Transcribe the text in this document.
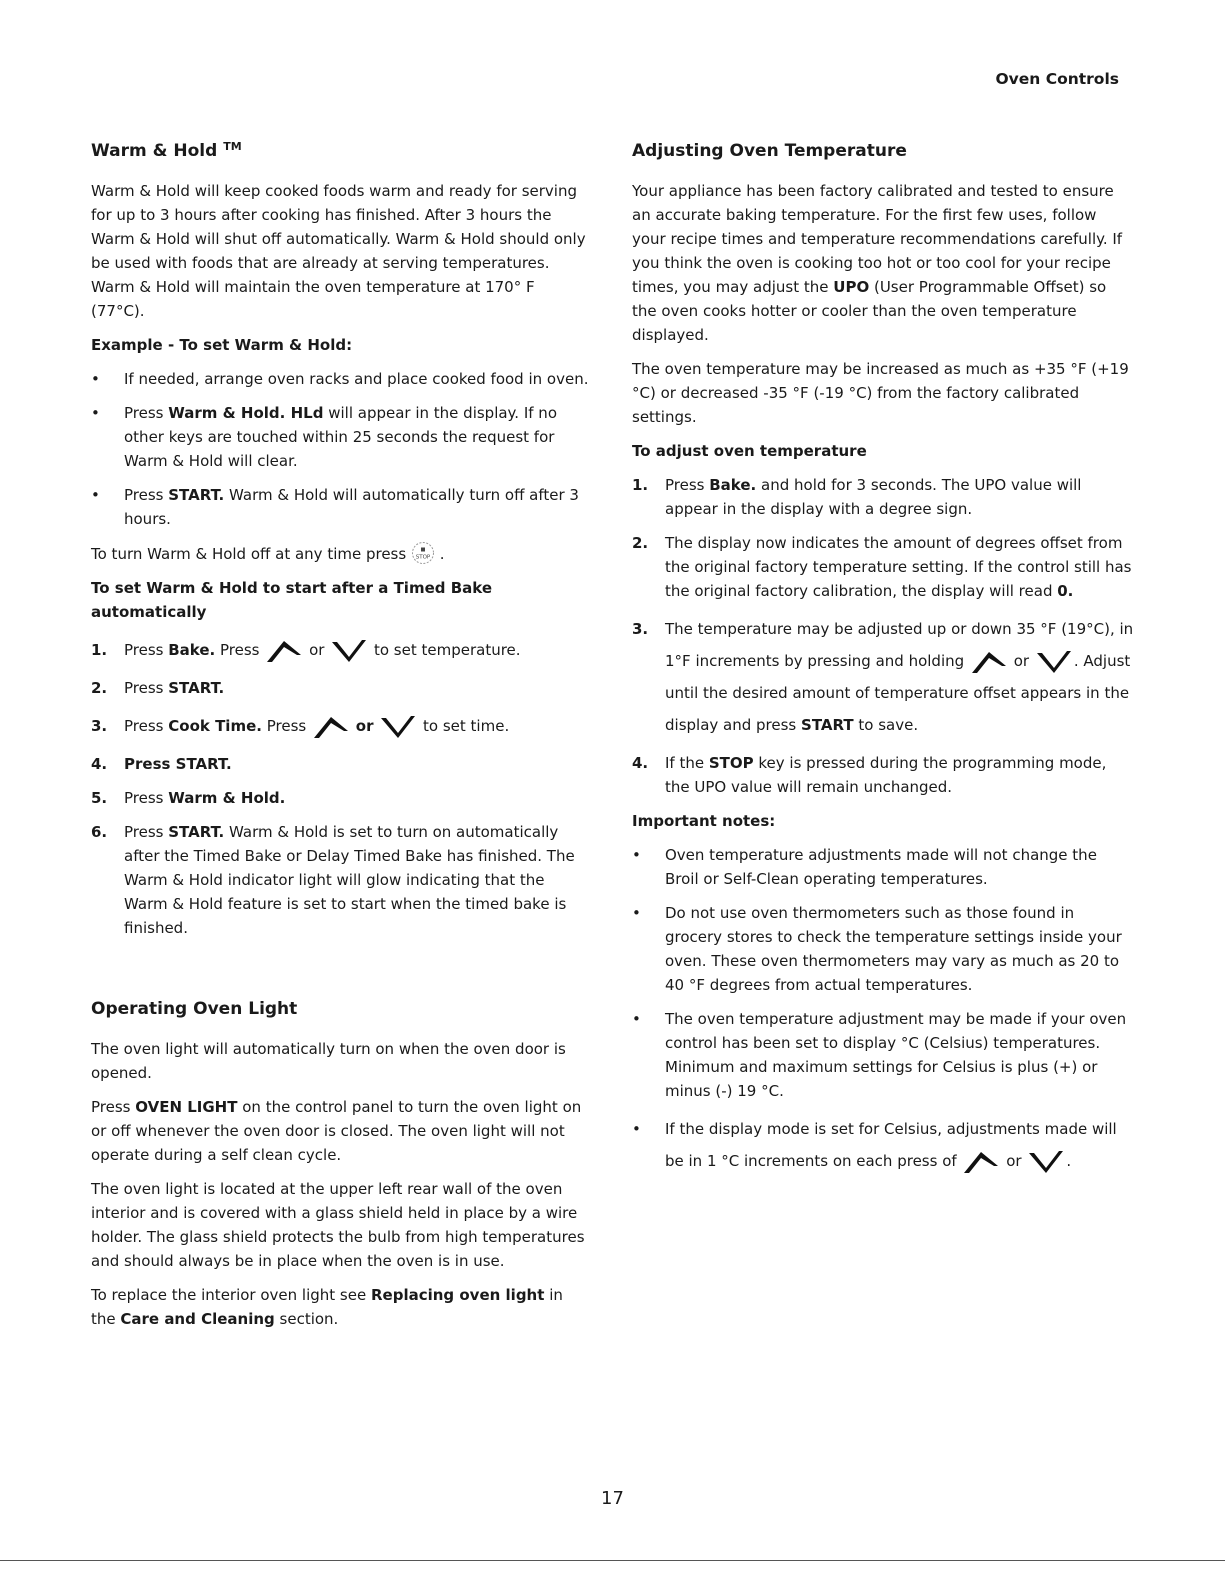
Oven Controls
Warm & Hold ™

Warm & Hold will keep cooked foods warm and ready for serving for up to 3 hours after cooking has finished. After 3 hours the Warm & Hold will shut off automatically. Warm & Hold should only be used with foods that are already at serving temperatures. Warm & Hold will maintain the oven temperature at 170° F (77°C).

Example - To set Warm & Hold:
•	If needed, arrange oven racks and place cooked food in oven.
•	Press Warm & Hold. HLd will appear in the display. If no other keys are touched within 25 seconds the request for Warm & Hold will clear.
•	Press START. Warm & Hold will automatically turn off after 3 hours.

To turn Warm & Hold off at any time press STOP .

To set Warm & Hold to start after a Timed Bake automatically
1.	Press Bake. Press	or	to set temperature.
2.	Press START.
3.	Press Cook Time. Press	or	to set time.
4.	Press START.
5.	Press Warm & Hold.
6.	Press START. Warm & Hold is set to turn on automatically after the Timed Bake or Delay Timed Bake has finished. The Warm & Hold indicator light will glow indicating that the Warm & Hold feature is set to start when the timed bake is finished.
Operating Oven Light

The oven light will automatically turn on when the oven door is opened.

Press OVEN LIGHT on the control panel to turn the oven light on or off whenever the oven door is closed. The oven light will not operate during a self clean cycle.

The oven light is located at the upper left rear wall of the oven interior and is covered with a glass shield held in place by a wire holder. The glass shield protects the bulb from high temperatures and should always be in place when the oven is in use.

To replace the interior oven light see Replacing oven light in the Care and Cleaning section.

Adjusting Oven Temperature

Your appliance has been factory calibrated and tested to ensure an accurate baking temperature. For the first few uses, follow your recipe times and temperature recommendations carefully. If you think the oven is cooking too hot or too cool for your recipe times, you may adjust the UPO (User Programmable Offset) so the oven cooks hotter or cooler than the oven temperature displayed.

The oven temperature may be increased as much as +35 °F (+19 °C) or decreased -35 °F (-19 °C) from the factory calibrated settings.

To adjust oven temperature
1.	Press Bake. and hold for 3 seconds. The UPO value will appear in the display with a degree sign.
2.	The display now indicates the amount of degrees offset from the original factory temperature setting. If the control still has the original factory calibration, the display will read 0.
3.	The temperature may be adjusted up or down 35 °F (19°C), in 1°F increments by pressing and holding	or	. Adjust until the desired amount of temperature offset appears in the display and press START to save.
4.	If the STOP key is pressed during the programming mode, the UPO value will remain unchanged.
Important notes:
•	Oven temperature adjustments made will not change the Broil or Self-Clean operating temperatures.
•	Do not use oven thermometers such as those found in grocery stores to check the temperature settings inside your oven. These oven thermometers may vary as much as 20 to 40 °F degrees from actual temperatures.
•	The oven temperature adjustment may be made if your oven control has been set to display °C (Celsius) temperatures. Minimum and maximum settings for Celsius is plus (+) or minus (-) 19 °C.
•	If the display mode is set for Celsius, adjustments made will be in 1 °C increments on each press of	or	.
17
